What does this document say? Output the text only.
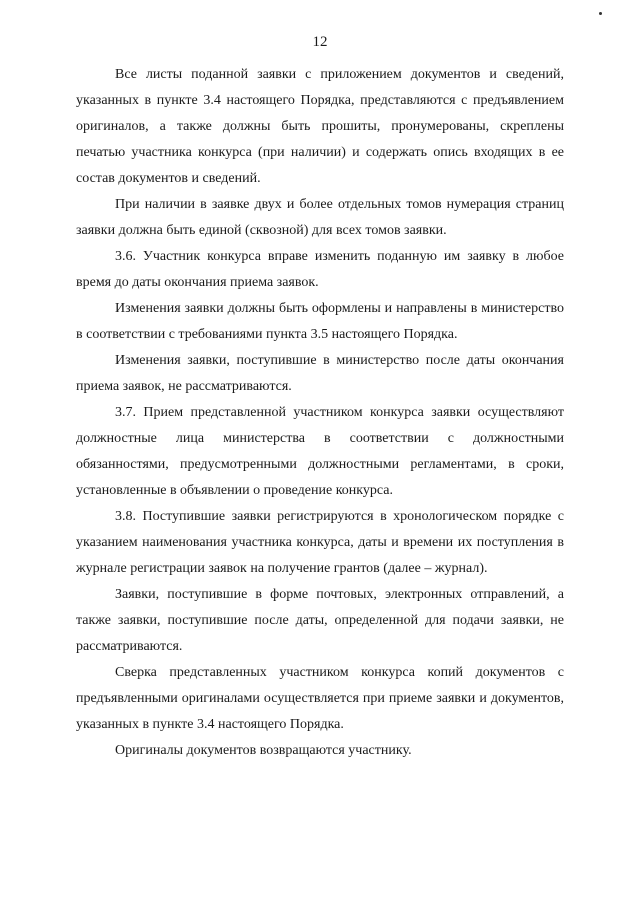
12

Все листы поданной заявки с приложением документов и сведений, указанных в пункте 3.4 настоящего Порядка, представляются с предъявлением оригиналов, а также должны быть прошиты, пронумерованы, скреплены печатью участника конкурса (при наличии) и содержать опись входящих в ее состав документов и сведений.

При наличии в заявке двух и более отдельных томов нумерация страниц заявки должна быть единой (сквозной) для всех томов заявки.

3.6. Участник конкурса вправе изменить поданную им заявку в любое время до даты окончания приема заявок.

Изменения заявки должны быть оформлены и направлены в министерство в соответствии с требованиями пункта 3.5 настоящего Порядка.

Изменения заявки, поступившие в министерство после даты окончания приема заявок, не рассматриваются.

3.7. Прием представленной участником конкурса заявки осуществляют должностные лица министерства в соответствии с должностными обязанностями, предусмотренными должностными регламентами, в сроки, установленные в объявлении о проведение конкурса.

3.8. Поступившие заявки регистрируются в хронологическом порядке с указанием наименования участника конкурса, даты и времени их поступления в журнале регистрации заявок на получение грантов (далее – журнал).

Заявки, поступившие в форме почтовых, электронных отправлений, а также заявки, поступившие после даты, определенной для подачи заявки, не рассматриваются.

Сверка представленных участником конкурса копий документов с предъявленными оригиналами осуществляется при приеме заявки и документов, указанных в пункте 3.4 настоящего Порядка.

Оригиналы документов возвращаются участнику.
